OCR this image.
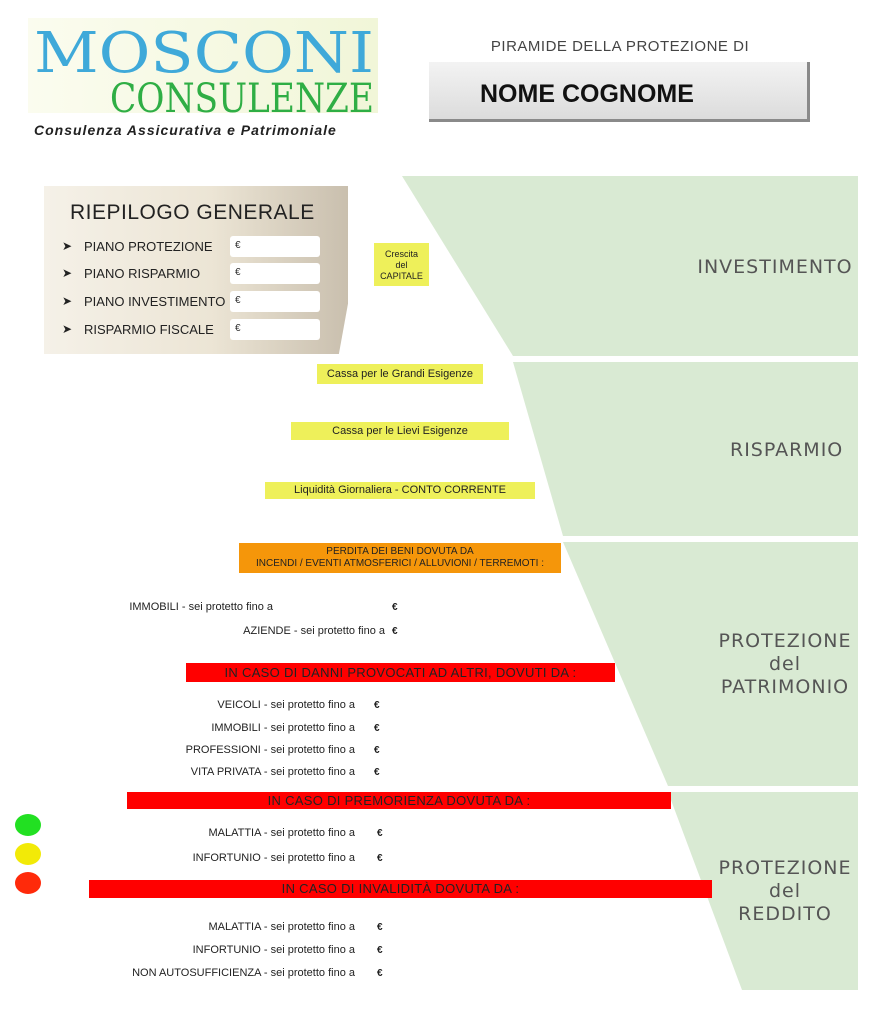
MOSCONI
CONSULENZE
Consulenza Assicurativa e Patrimoniale
PIRAMIDE DELLA PROTEZIONE DI
NOME COGNOME
INVESTIMENTO
RISPARMIO
PROTEZIONE
del
PATRIMONIO
PROTEZIONE
del
REDDITO
RIEPILOGO GENERALE
➤ PIANO PROTEZIONE €
➤ PIANO RISPARMIO	€
➤ PIANO INVESTIMENTO €
➤ RISPARMIO FISCALE €
Crescita
del
CAPITALE
Cassa per le Grandi Esigenze
Cassa per le Lievi Esigenze
Liquidità Giornaliera - CONTO CORRENTE
PERDITA DEI BENI DOVUTA DA
INCENDI / EVENTI ATMOSFERICI / ALLUVIONI / TERREMOTI :
IMMOBILI - sei protetto fino a	€
AZIENDE - sei protetto fino a €
IN CASO DI DANNI PROVOCATI AD ALTRI, DOVUTI DA :
IN CASO DI PREMORIENZA DOVUTA DA :
IN CASO DI INVALIDITÀ DOVUTA DA :
VEICOLI - sei protetto fino a €
IMMOBILI - sei protetto fino a €
PROFESSIONI - sei protetto fino a €
VITA PRIVATA - sei protetto fino a €
MALATTIA - sei protetto fino a €
INFORTUNIO - sei protetto fino a €
MALATTIA - sei protetto fino a €
INFORTUNIO - sei protetto fino a €
NON AUTOSUFFICIENZA - sei protetto fino a €
